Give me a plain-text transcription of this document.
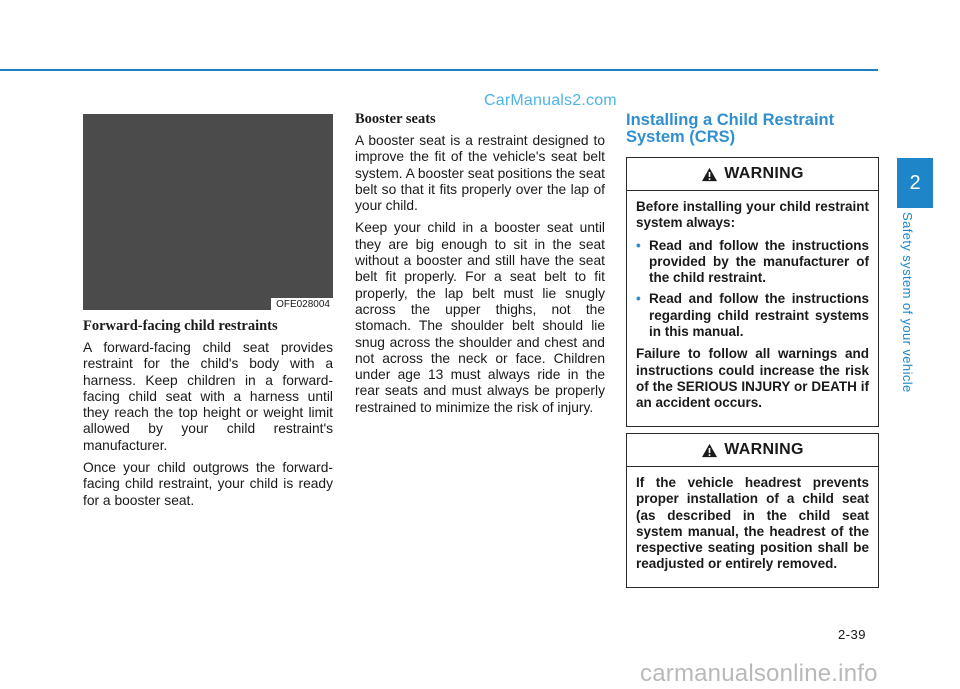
CarManuals2.com
OFE028004
Forward-facing child restraints

A forward-facing child seat provides restraint for the child's body with a harness. Keep children in a forward-facing child seat with a harness until they reach the top height or weight limit allowed by your child restraint's manufacturer.

Once your child outgrows the forward-facing child restraint, your child is ready for a booster seat.

Booster seats

A booster seat is a restraint designed to improve the fit of the vehicle's seat belt system. A booster seat positions the seat belt so that it fits properly over the lap of your child.

Keep your child in a booster seat until they are big enough to sit in the seat without a booster and still have the seat belt fit properly. For a seat belt to fit properly, the lap belt must lie snugly across the upper thighs, not the stomach. The shoulder belt should lie snug across the shoulder and chest and not across the neck or face. Children under age 13 must always ride in the rear seats and must always be properly restrained to minimize the risk of injury.

Installing a Child Restraint
System (CRS)
WARNING

Before installing your child restraint system always:

• Read and follow the instructions provided by the manufacturer of the child restraint.
• Read and follow the instructions regarding child restraint systems in this manual.

Failure to follow all warnings and instructions could increase the risk of the SERIOUS INJURY or DEATH if an accident occurs.

WARNING

If the vehicle headrest prevents proper installation of a child seat (as described in the child seat system manual, the headrest of the respective seating position shall be readjusted or entirely removed.

2
Safety system of your vehicle
2-39
carmanualsonline.info
